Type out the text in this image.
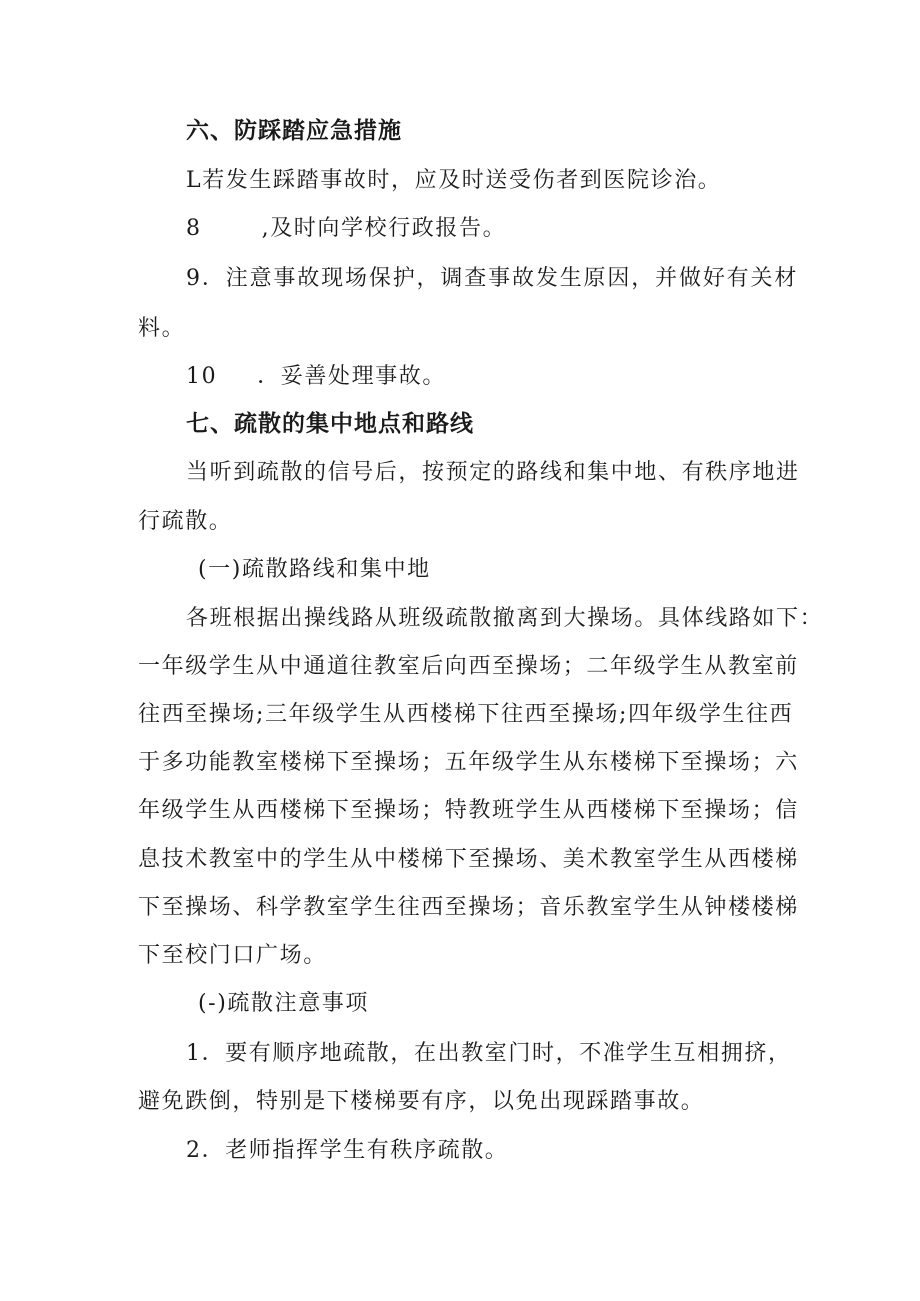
六、防踩踏应急措施
L若发生踩踏事故时，应及时送受伤者到医院诊治。
8	,及时向学校行政报告。
9．注意事故现场保护，调查事故发生原因，并做好有关材
料。
10 ．妥善处理事故。
七、疏散的集中地点和路线
当听到疏散的信号后，按预定的路线和集中地、有秩序地进
行疏散。
(一)疏散路线和集中地
各班根据出操线路从班级疏散撤离到大操场。具体线路如下：
一年级学生从中通道往教室后向西至操场；二年级学生从教室前
往西至操场;三年级学生从西楼梯下往西至操场;四年级学生往西
于多功能教室楼梯下至操场；五年级学生从东楼梯下至操场；六
年级学生从西楼梯下至操场；特教班学生从西楼梯下至操场；信
息技术教室中的学生从中楼梯下至操场、美术教室学生从西楼梯
下至操场、科学教室学生往西至操场；音乐教室学生从钟楼楼梯
下至校门口广场。
(-)疏散注意事项
1．要有顺序地疏散，在出教室门时，不准学生互相拥挤，
避免跌倒，特别是下楼梯要有序，以免出现踩踏事故。
2．老师指挥学生有秩序疏散。
